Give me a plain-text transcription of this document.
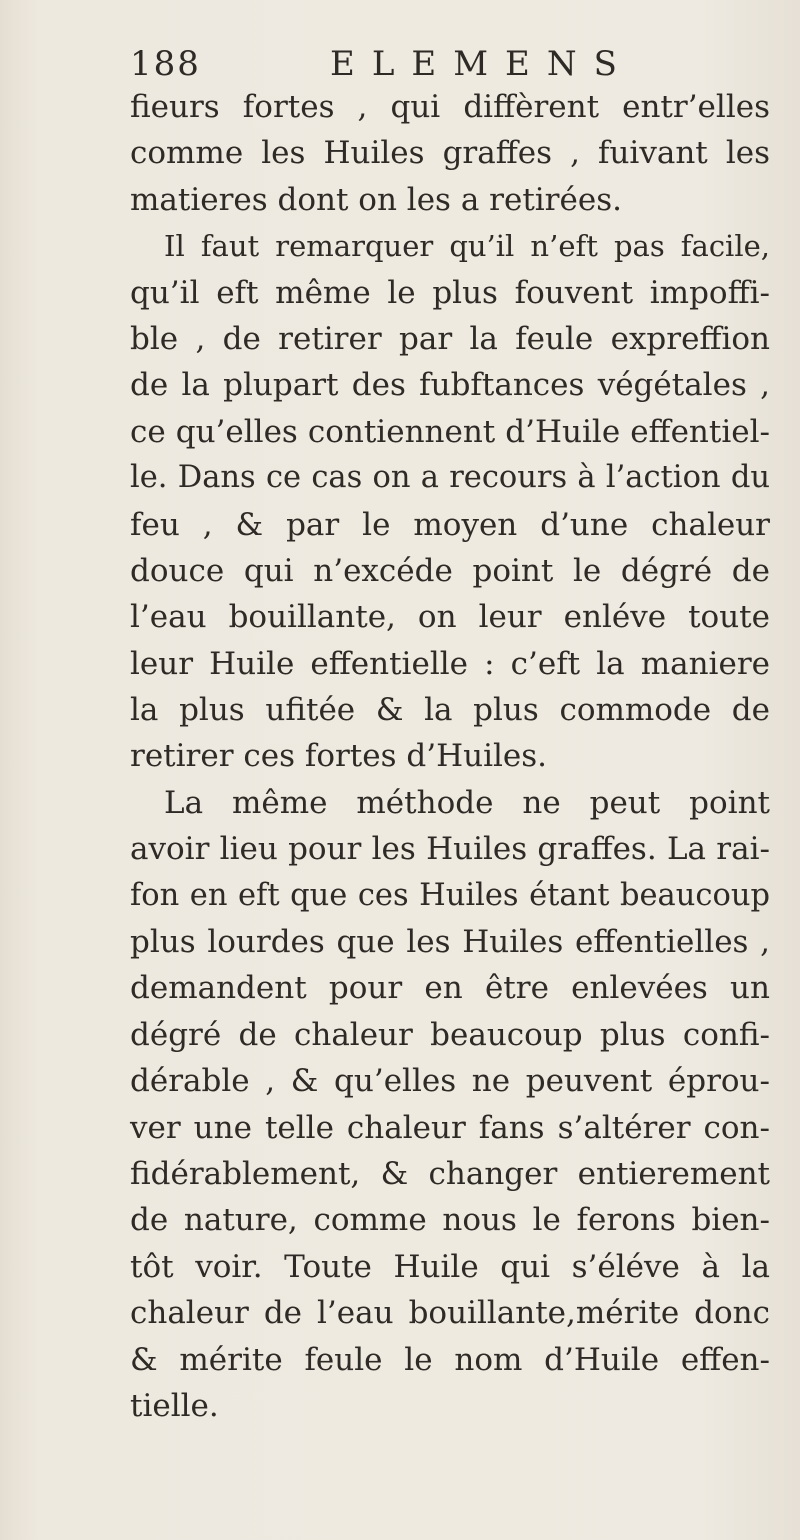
188	ELEMENS
fieurs fortes , qui diffèrent entr’elles
comme les Huiles graffes , fuivant les
matieres dont on les a retirées.
Il faut remarquer qu’il n’eft pas facile,
qu’il eft même le plus fouvent impoffi-
ble , de retirer par la feule expreffion
de la plupart des fubftances végétales ,
ce qu’elles contiennent d’Huile effentiel-
le. Dans ce cas on a recours à l’action du
feu , & par le moyen d’une chaleur
douce qui n’excéde point le dégré de
l’eau bouillante, on leur enléve toute
leur Huile effentielle : c’eft la maniere
la plus ufitée & la plus commode de
retirer ces fortes d’Huiles.
La même méthode ne peut point
avoir lieu pour les Huiles graffes. La rai-
fon en eft que ces Huiles étant beaucoup
plus lourdes que les Huiles effentielles ,
demandent pour en être enlevées un
dégré de chaleur beaucoup plus confi-
dérable , & qu’elles ne peuvent éprou-
ver une telle chaleur fans s’altérer con-
fidérablement, & changer entierement
de nature, comme nous le ferons bien-
tôt voir. Toute Huile qui s’éléve à la
chaleur de l’eau bouillante,mérite donc
& mérite feule le nom d’Huile effen-
tielle.
